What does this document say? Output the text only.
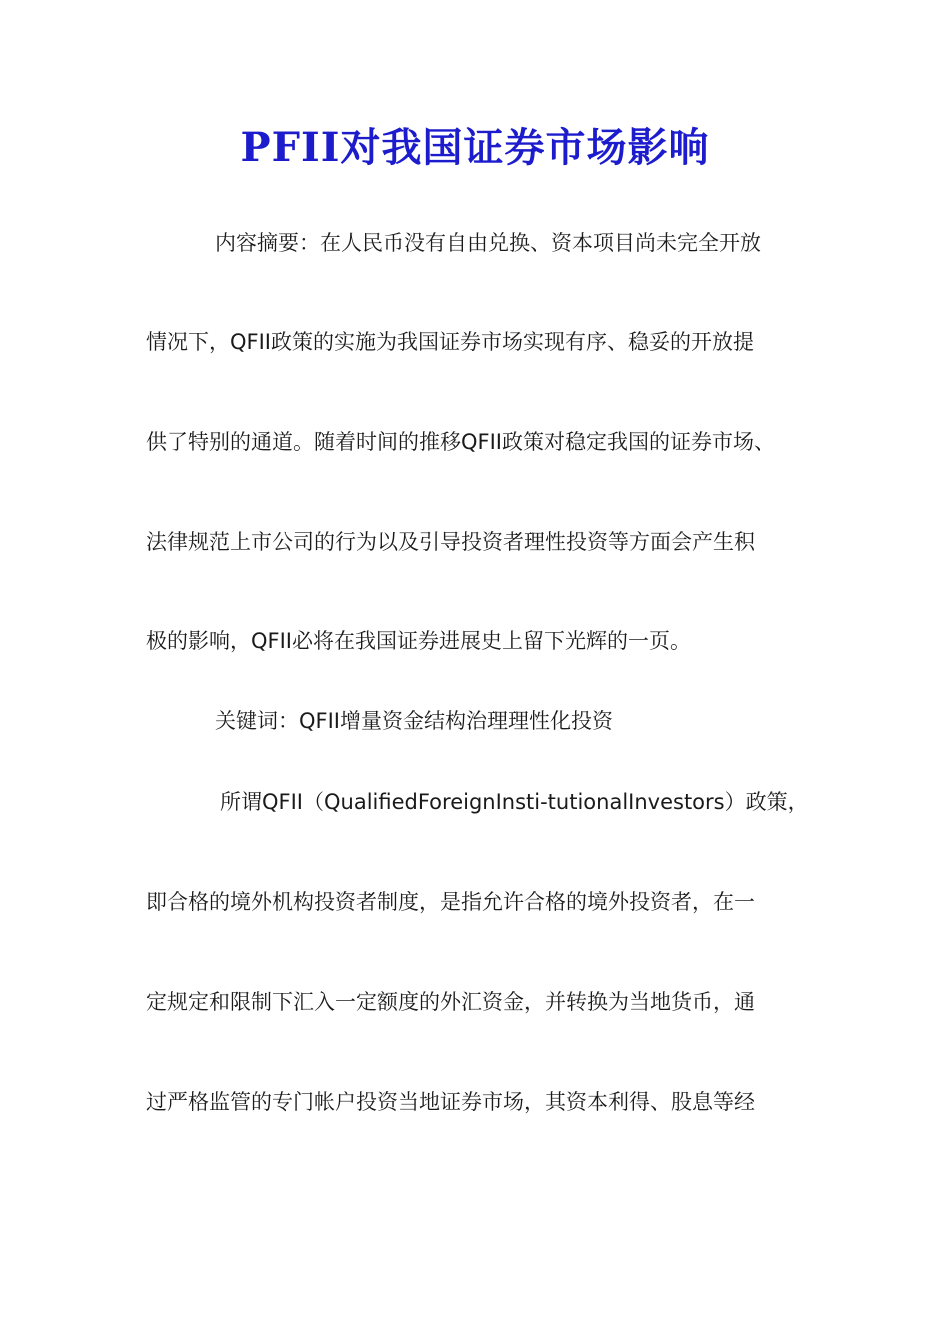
PFII对我国证券市场影响

内容摘要：在人民币没有自由兑换、资本项目尚未完全开放

情况下，QFII政策的实施为我国证券市场实现有序、稳妥的开放提

供了特别的通道。随着时间的推移QFII政策对稳定我国的证券市场、

法律规范上市公司的行为以及引导投资者理性投资等方面会产生积

极的影响，QFII必将在我国证券进展史上留下光辉的一页。

关键词：QFII增量资金结构治理理性化投资

所谓QFII（QualifiedForeignInsti-tutionalInvestors）政策，

即合格的境外机构投资者制度，是指允许合格的境外投资者，在一

定规定和限制下汇入一定额度的外汇资金，并转换为当地货币，通

过严格监管的专门帐户投资当地证券市场，其资本利得、股息等经
